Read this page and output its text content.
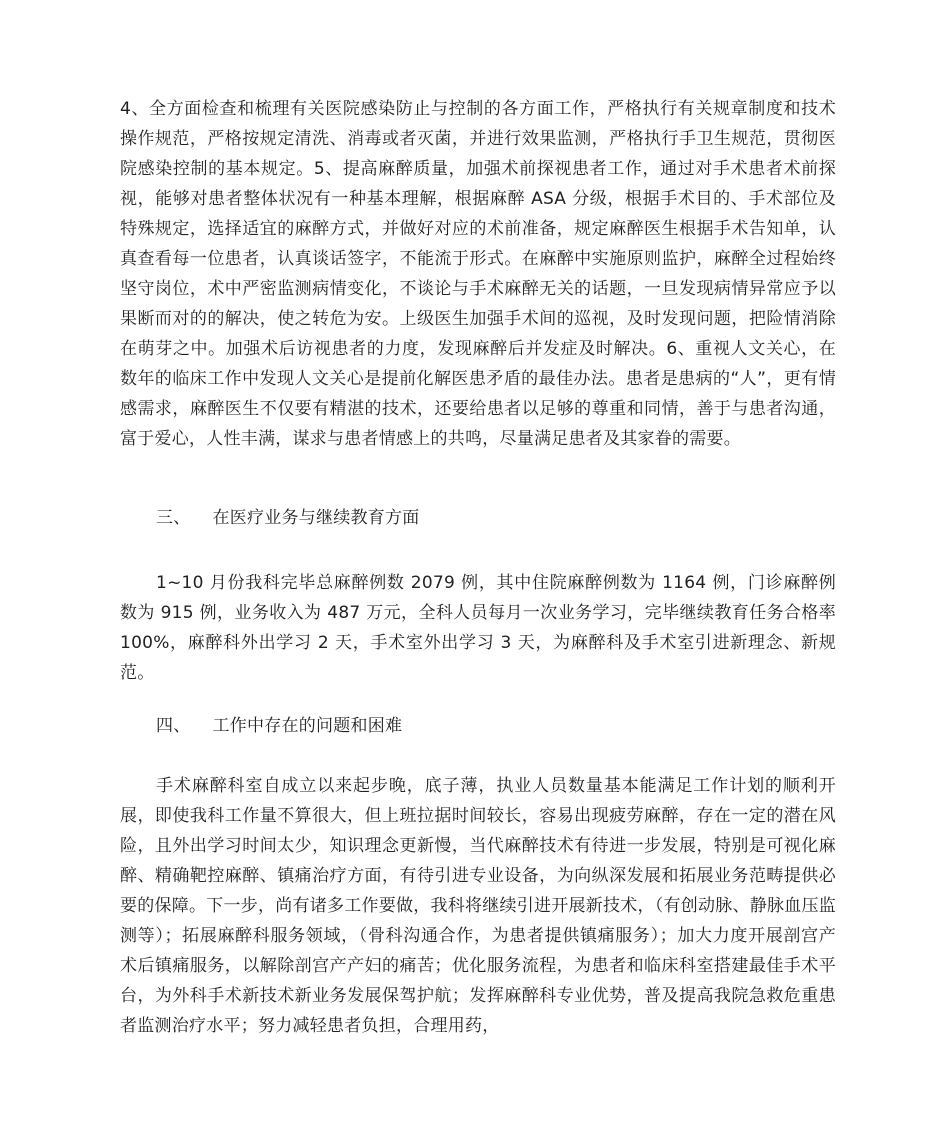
4、全方面检查和梳理有关医院感染防止与控制的各方面工作，严格执行有关规章制度和技术操作规范，严格按规定清洗、消毒或者灭菌，并进行效果监测，严格执行手卫生规范，贯彻医院感染控制的基本规定。5、提高麻醉质量，加强术前探视患者工作，通过对手术患者术前探视，能够对患者整体状况有一种基本理解，根据麻醉 ASA 分级，根据手术目的、手术部位及特殊规定，选择适宜的麻醉方式，并做好对应的术前准备，规定麻醉医生根据手术告知单，认真查看每一位患者，认真谈话签字，不能流于形式。在麻醉中实施原则监护，麻醉全过程始终坚守岗位，术中严密监测病情变化，不谈论与手术麻醉无关的话题，一旦发现病情异常应予以果断而对的的解决，使之转危为安。上级医生加强手术间的巡视，及时发现问题，把险情消除在萌芽之中。加强术后访视患者的力度，发现麻醉后并发症及时解决。6、重视人文关心，在数年的临床工作中发现人文关心是提前化解医患矛盾的最佳办法。患者是患病的“人”，更有情感需求，麻醉医生不仅要有精湛的技术，还要给患者以足够的尊重和同情，善于与患者沟通，富于爱心，人性丰满，谋求与患者情感上的共鸣，尽量满足患者及其家眷的需要。

三、 在医疗业务与继续教育方面

1~10 月份我科完毕总麻醉例数 2079 例，其中住院麻醉例数为 1164 例，门诊麻醉例数为 915 例，业务收入为 487 万元，全科人员每月一次业务学习，完毕继续教育任务合格率 100%，麻醉科外出学习 2 天，手术室外出学习 3 天，为麻醉科及手术室引进新理念、新规范。

四、 工作中存在的问题和困难

手术麻醉科室自成立以来起步晚，底子薄，执业人员数量基本能满足工作计划的顺利开展，即使我科工作量不算很大，但上班拉据时间较长，容易出现疲劳麻醉，存在一定的潜在风险，且外出学习时间太少，知识理念更新慢，当代麻醉技术有待进一步发展，特别是可视化麻醉、精确靶控麻醉、镇痛治疗方面，有待引进专业设备，为向纵深发展和拓展业务范畴提供必要的保障。下一步，尚有诸多工作要做，我科将继续引进开展新技术，（有创动脉、静脉血压监测等）；拓展麻醉科服务领域，（骨科沟通合作，为患者提供镇痛服务）；加大力度开展剖宫产术后镇痛服务，以解除剖宫产产妇的痛苦；优化服务流程，为患者和临床科室搭建最佳手术平台，为外科手术新技术新业务发展保驾护航；发挥麻醉科专业优势，普及提高我院急救危重患者监测治疗水平；努力减轻患者负担，合理用药，
